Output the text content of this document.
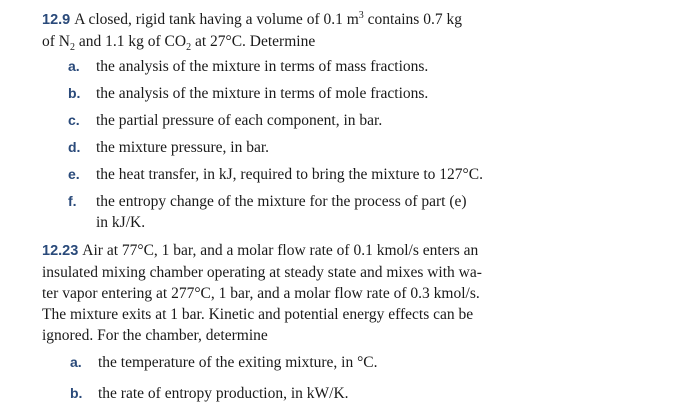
12.9 A closed, rigid tank having a volume of 0.1 $m^3$ contains 0.7 kg
of $N_2$ and 1.1 kg of $CO_2$ at 27°C. Determine
a. the analysis of the mixture in terms of mass fractions.
b. the analysis of the mixture in terms of mole fractions.
c. the partial pressure of each component, in bar.
d. the mixture pressure, in bar.
e. the heat transfer, in kJ, required to bring the mixture to 127°C.
f. the entropy change of the mixture for the process of part (e)
in kJ/K.
12.23 Air at 77°C, 1 bar, and a molar flow rate of 0.1 kmol/s enters an
insulated mixing chamber operating at steady state and mixes with wa-
ter vapor entering at 277°C, 1 bar, and a molar flow rate of 0.3 kmol/s.
The mixture exits at 1 bar. Kinetic and potential energy effects can be
ignored. For the chamber, determine
a. the temperature of the exiting mixture, in °C.
b. the rate of entropy production, in kW/K.
